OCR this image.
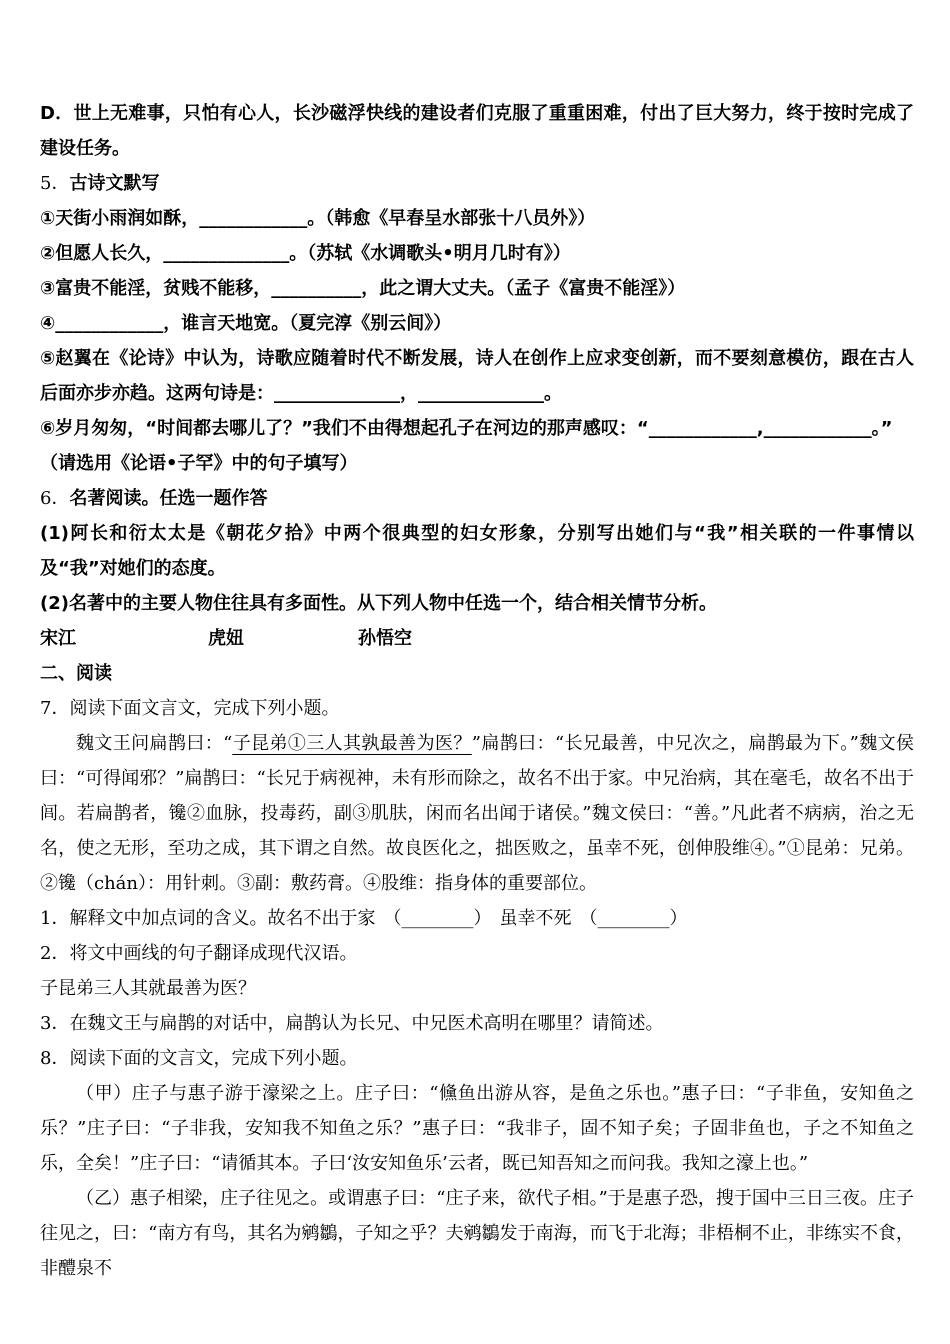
D．世上无难事，只怕有心人，长沙磁浮快线的建设者们克服了重重困难，付出了巨大努力，终于按时完成了建设任务。

5．古诗文默写

①天街小雨润如酥，____________。（韩愈《早春呈水部张十八员外》）

②但愿人长久，______________。（苏轼《水调歌头•明月几时有》）

③富贵不能淫，贫贱不能移，__________，此之谓大丈夫。（孟子《富贵不能淫》）

④____________，谁言天地宽。（夏完淳《别云间》）

⑤赵翼在《论诗》中认为，诗歌应随着时代不断发展，诗人在创作上应求变创新，而不要刻意模仿，跟在古人后面亦步亦趋。这两句诗是：______________，______________。

⑥岁月匆匆，“时间都去哪儿了？”我们不由得想起孔子在河边的那声感叹：“____________,____________。”

（请选用《论语•子罕》中的句子填写）

6．名著阅读。任选一题作答

(1)阿长和衍太太是《朝花夕拾》中两个很典型的妇女形象，分别写出她们与“我”相关联的一件事情以及“我”对她们的态度。

(2)名著中的主要人物住往具有多面性。从下列人物中任选一个，结合相关情节分析。

宋江	虎妞	孙悟空

二、阅读

7．阅读下面文言文，完成下列小题。

魏文王问扁鹊曰：“子昆弟①三人其孰最善为医？”扁鹊曰：“长兄最善，中兄次之，扁鹊最为下。”魏文侯曰：“可得闻邪？”扁鹊曰：“长兄于病视神，未有形而除之，故名不出于家。中兄治病，其在毫毛，故名不出于闾。若扁鹊者，镵②血脉，投毒药，副③肌肤，闲而名出闻于诸侯。”魏文侯曰：“善。”凡此者不病病，治之无名，使之无形，至功之成，其下谓之自然。故良医化之，拙医败之，虽幸不死，创伸股维④。”①昆弟：兄弟。②镵（chán）：用针刺。③副：敷药膏。④股维：指身体的重要部位。

1．解释文中加点词的含义。故名不出于家 （________） 虽幸不死 （________）

2．将文中画线的句子翻译成现代汉语。

子昆弟三人其就最善为医？

3．在魏文王与扁鹊的对话中，扁鹊认为长兄、中兄医术高明在哪里？请简述。

8．阅读下面的文言文，完成下列小题。

（甲）庄子与惠子游于濠梁之上。庄子曰：“儵鱼出游从容，是鱼之乐也。”惠子曰：“子非鱼，安知鱼之乐？”庄子曰：“子非我，安知我不知鱼之乐？”惠子曰：“我非子，固不知子矣；子固非鱼也，子之不知鱼之乐，全矣！”庄子曰：“请循其本。子曰‘汝安知鱼乐’云者，既已知吾知之而问我。我知之濠上也。”

（乙）惠子相梁，庄子往见之。或谓惠子曰：“庄子来，欲代子相。”于是惠子恐，搜于国中三日三夜。庄子往见之，曰：“南方有鸟，其名为鹓鶵，子知之乎？夫鹓鶵发于南海，而飞于北海；非梧桐不止，非练实不食，非醴泉不
